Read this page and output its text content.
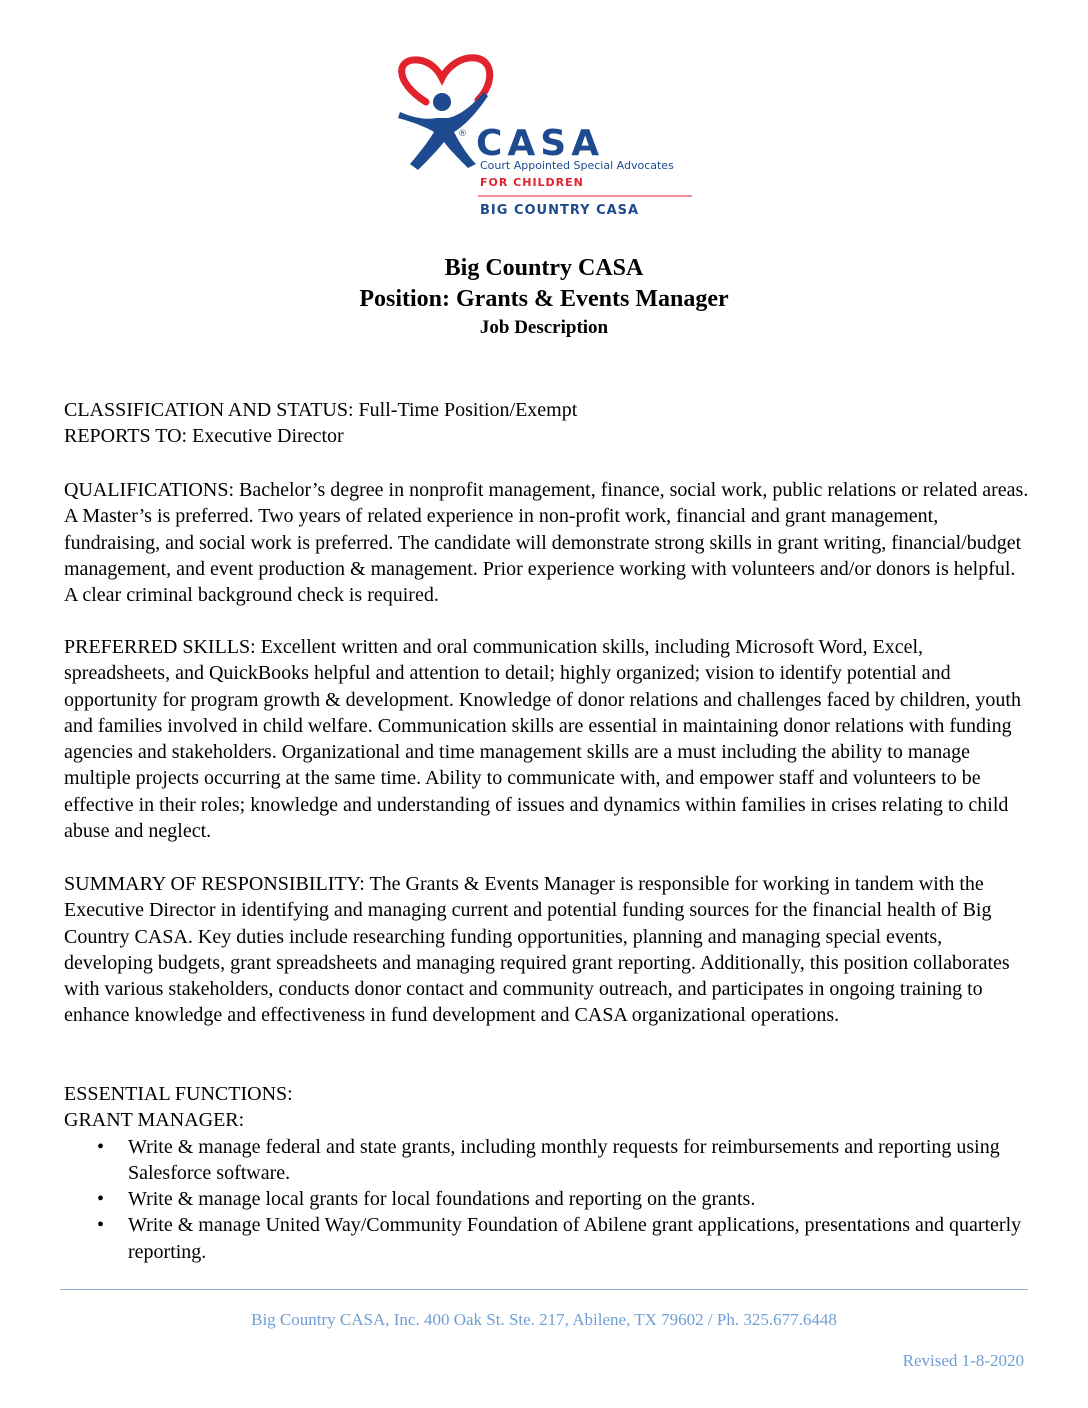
® CASA
Court Appointed Special Advocates
FOR CHILDREN
BIG COUNTRY CASA
Big Country CASA
Position: Grants & Events Manager
Job Description

CLASSIFICATION AND STATUS: Full-Time Position/Exempt

REPORTS TO: Executive Director

QUALIFICATIONS: Bachelor’s degree in nonprofit management, finance, social work, public relations or related areas. A Master’s is preferred. Two years of related experience in non-profit work, financial and grant management, fundraising, and social work is preferred. The candidate will demonstrate strong skills in grant writing, financial/budget management, and event production & management. Prior experience working with volunteers and/or donors is helpful. A clear criminal background check is required.

PREFERRED SKILLS: Excellent written and oral communication skills, including Microsoft Word, Excel, spreadsheets, and QuickBooks helpful and attention to detail; highly organized; vision to identify potential and opportunity for program growth & development. Knowledge of donor relations and challenges faced by children, youth and families involved in child welfare. Communication skills are essential in maintaining donor relations with funding agencies and stakeholders. Organizational and time management skills are a must including the ability to manage multiple projects occurring at the same time. Ability to communicate with, and empower staff and volunteers to be effective in their roles; knowledge and understanding of issues and dynamics within families in crises relating to child abuse and neglect.

SUMMARY OF RESPONSIBILITY: The Grants & Events Manager is responsible for working in tandem with the Executive Director in identifying and managing current and potential funding sources for the financial health of Big Country CASA. Key duties include researching funding opportunities, planning and managing special events, developing budgets, grant spreadsheets and managing required grant reporting. Additionally, this position collaborates with various stakeholders, conducts donor contact and community outreach, and participates in ongoing training to enhance knowledge and effectiveness in fund development and CASA organizational operations.

ESSENTIAL FUNCTIONS:

GRANT MANAGER:

• Write & manage federal and state grants, including monthly requests for reimbursements and reporting using Salesforce software.
• Write & manage local grants for local foundations and reporting on the grants.
• Write & manage United Way/Community Foundation of Abilene grant applications, presentations and quarterly reporting.
Big Country CASA, Inc. 400 Oak St. Ste. 217, Abilene, TX 79602 / Ph. 325.677.6448
Revised 1-8-2020
